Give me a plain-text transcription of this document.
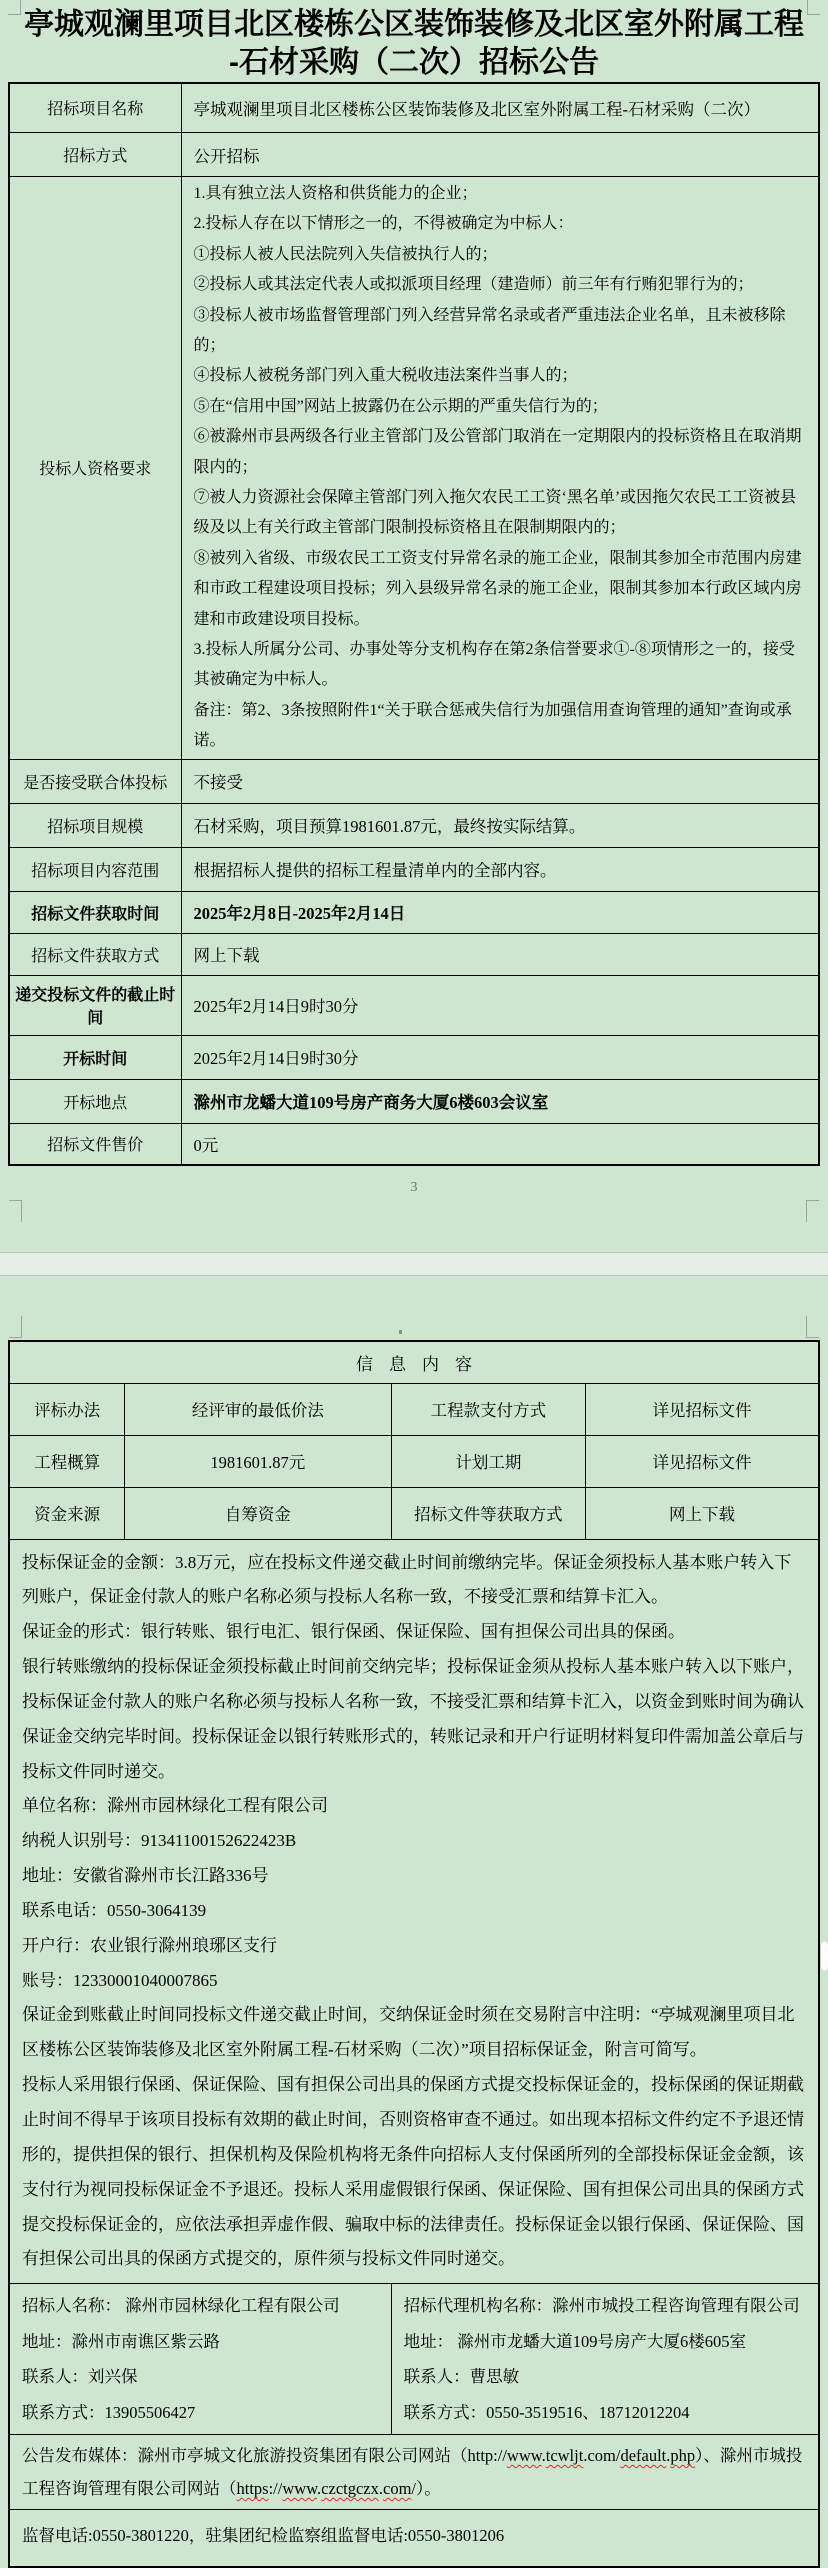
亭城观澜里项目北区楼栋公区装饰装修及北区室外附属工程
-石材采购（二次）招标公告
招标项目名称	亭城观澜里项目北区楼栋公区装饰装修及北区室外附属工程-石材采购（二次）
招标方式	公开招标
投标人资格要求	

1.具有独立法人资格和供货能力的企业；

2.投标人存在以下情形之一的，不得被确定为中标人：

①投标人被人民法院列入失信被执行人的；

②投标人或其法定代表人或拟派项目经理（建造师）前三年有行贿犯罪行为的；

③投标人被市场监督管理部门列入经营异常名录或者严重违法企业名单，且未被移除的；

④投标人被税务部门列入重大税收违法案件当事人的；

⑤在“信用中国”网站上披露仍在公示期的严重失信行为的；

⑥被滁州市县两级各行业主管部门及公管部门取消在一定期限内的投标资格且在取消期限内的；

⑦被人力资源社会保障主管部门列入拖欠农民工工资‘黑名单’或因拖欠农民工工资被县级及以上有关行政主管部门限制投标资格且在限制期限内的；

⑧被列入省级、市级农民工工资支付异常名录的施工企业，限制其参加全市范围内房建和市政工程建设项目投标；列入县级异常名录的施工企业，限制其参加本行政区域内房建和市政建设项目投标。

3.投标人所属分公司、办事处等分支机构存在第2条信誉要求①-⑧项情形之一的，接受其被确定为中标人。

备注：第2、3条按照附件1“关于联合惩戒失信行为加强信用查询管理的通知”查询或承诺。

是否接受联合体投标	不接受
招标项目规模	石材采购，项目预算1981601.87元，最终按实际结算。
招标项目内容范围	根据招标人提供的招标工程量清单内的全部内容。
招标文件获取时间	2025年2月8日-2025年2月14日
招标文件获取方式	网上下载
递交投标文件的截止时间	2025年2月14日9时30分
开标时间	2025年2月14日9时30分
开标地点	滁州市龙蟠大道109号房产商务大厦6楼603会议室
招标文件售价	0元
3
信息内容			
评标办法	经评审的最低价法	工程款支付方式	详见招标文件
工程概算	1981601.87元	计划工期	详见招标文件
资金来源	自筹资金	招标文件等获取方式	网上下载

投标保证金的金额：3.8万元，应在投标文件递交截止时间前缴纳完毕。保证金须投标人基本账户转入下列账户，保证金付款人的账户名称必须与投标人名称一致，不接受汇票和结算卡汇入。

保证金的形式：银行转账、银行电汇、银行保函、保证保险、国有担保公司出具的保函。

银行转账缴纳的投标保证金须投标截止时间前交纳完毕；投标保证金须从投标人基本账户转入以下账户，投标保证金付款人的账户名称必须与投标人名称一致，不接受汇票和结算卡汇入，以资金到账时间为确认保证金交纳完毕时间。投标保证金以银行转账形式的，转账记录和开户行证明材料复印件需加盖公章后与投标文件同时递交。

单位名称：滁州市园林绿化工程有限公司

纳税人识别号：91341100152622423B

地址：安徽省滁州市长江路336号

联系电话：0550-3064139

开户行：农业银行滁州琅琊区支行

账号：12330001040007865

保证金到账截止时间同投标文件递交截止时间，交纳保证金时须在交易附言中注明：“亭城观澜里项目北区楼栋公区装饰装修及北区室外附属工程-石材采购（二次）”项目招标保证金，附言可简写。

投标人采用银行保函、保证保险、国有担保公司出具的保函方式提交投标保证金的，投标保函的保证期截止时间不得早于该项目投标有效期的截止时间，否则资格审查不通过。如出现本招标文件约定不予退还情形的，提供担保的银行、担保机构及保险机构将无条件向招标人支付保函所列的全部投标保证金金额，该支付行为视同投标保证金不予退还。投标人采用虚假银行保函、保证保险、国有担保公司出具的保函方式提交投标保证金的，应依法承担弄虚作假、骗取中标的法律责任。投标保证金以银行保函、保证保险、国有担保公司出具的保函方式提交的，原件须与投标文件同时递交。

招标人名称： 滁州市园林绿化工程有限公司

地址：滁州市南谯区紫云路

联系人：刘兴保

联系方式：13905506427

招标代理机构名称：滁州市城投工程咨询管理有限公司

地址： 滁州市龙蟠大道109号房产大厦6楼605室

联系人：曹思敏

联系方式：0550-3519516、18712012204

公告发布媒体：滁州市亭城文化旅游投资集团有限公司网站（http://www.tcwljt.com/default.php）、滁州市城投工程咨询管理有限公司网站（https://www.czctgczx.com/）。			

监督电话:0550-3801220，驻集团纪检监察组监督电话:0550-3801206			
